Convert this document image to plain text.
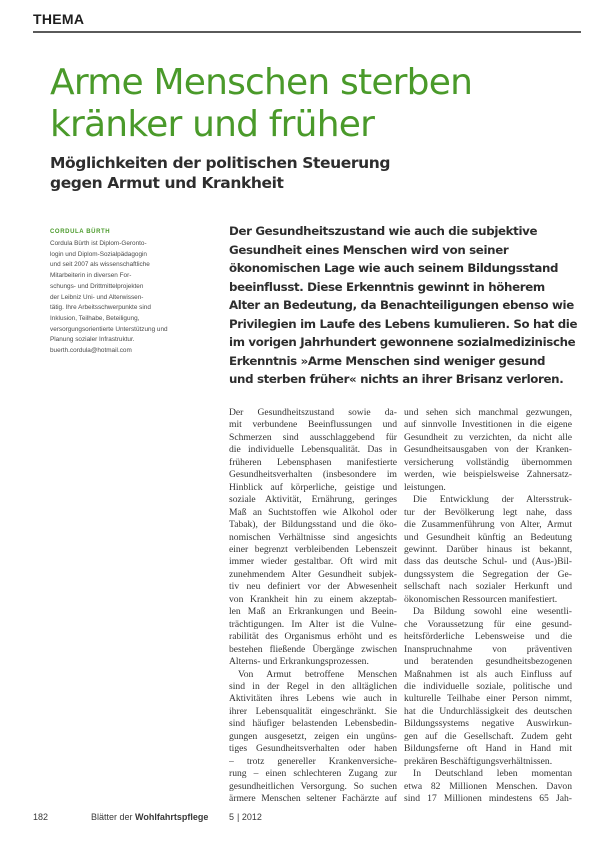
THEMA
Arme Menschen sterben
kränker und früher
Möglichkeiten der politischen Steuerung
gegen Armut und Krankheit
CORDULA BÜRTH
Cordula Bürth ist Diplom-Geronto-
login und Diplom-Sozialpädagogin
und seit 2007 als wissenschaftliche
Mitarbeiterin in diversen For-
schungs- und Drittmittelprojekten
der Leibniz Uni- und Alterwissen-
tätig. Ihre Arbeitsschwerpunkte sind
Inklusion, Teilhabe, Beteiligung,
versorgungsorientierte Unterstützung und
Planung sozialer Infrastruktur.
buerth.cordula@hotmail.com
Der Gesundheitszustand wie auch die subjektive
Gesundheit eines Menschen wird von seiner
ökonomischen Lage wie auch seinem Bildungsstand
beeinflusst. Diese Erkenntnis gewinnt in höherem
Alter an Bedeutung, da Benachteiligungen ebenso wie
Privilegien im Laufe des Lebens kumulieren. So hat die
im vorigen Jahrhundert gewonnene sozialmedizinische
Erkenntnis »Arme Menschen sind weniger gesund
und sterben früher« nichts an ihrer Brisanz verloren.
Der Gesundheitszustand sowie da-
mit verbundene Beeinflussungen und
Schmerzen sind ausschlaggebend für
die individuelle Lebensqualität. Das in
früheren Lebensphasen manifestierte
Gesundheitsverhalten (insbesondere im
Hinblick auf körperliche, geistige und
soziale Aktivität, Ernährung, geringes
Maß an Suchtstoffen wie Alkohol oder
Tabak), der Bildungsstand und die öko-
nomischen Verhältnisse sind angesichts
einer begrenzt verbleibenden Lebenszeit
immer wieder gestaltbar. Oft wird mit
zunehmendem Alter Gesundheit subjek-
tiv neu definiert vor der Abwesenheit
von Krankheit hin zu einem akzeptab-
len Maß an Erkrankungen und Beein-
trächtigungen. Im Alter ist die Vulne-
rabilität des Organismus erhöht und es
bestehen fließende Übergänge zwischen
Alterns- und Erkrankungsprozessen.
Von Armut betroffene Menschen
sind in der Regel in den alltäglichen
Aktivitäten ihres Lebens wie auch in
ihrer Lebensqualität eingeschränkt. Sie
sind häufiger belastenden Lebensbedin-
gungen ausgesetzt, zeigen ein ungüns-
tiges Gesundheitsverhalten oder haben
– trotz genereller Krankenversiche-
rung – einen schlechteren Zugang zur
gesundheitlichen Versorgung. So suchen
ärmere Menschen seltener Fachärzte auf
und sehen sich manchmal gezwungen,
auf sinnvolle Investitionen in die eigene
Gesundheit zu verzichten, da nicht alle
Gesundheitsausgaben von der Kranken-
versicherung vollständig übernommen
werden, wie beispielsweise Zahnersatz-
leistungen.
Die Entwicklung der Altersstruk-
tur der Bevölkerung legt nahe, dass
die Zusammenführung von Alter, Armut
und Gesundheit künftig an Bedeutung
gewinnt. Darüber hinaus ist bekannt,
dass das deutsche Schul- und (Aus-)Bil-
dungssystem die Segregation der Ge-
sellschaft nach sozialer Herkunft und
ökonomischen Ressourcen manifestiert.
Da Bildung sowohl eine wesentli-
che Voraussetzung für eine gesund-
heitsförderliche Lebensweise und die
Inanspruchnahme von präventiven
und beratenden gesundheitsbezogenen
Maßnahmen ist als auch Einfluss auf
die individuelle soziale, politische und
kulturelle Teilhabe einer Person nimmt,
hat die Undurchlässigkeit des deutschen
Bildungssystems negative Auswirkun-
gen auf die Gesellschaft. Zudem geht
Bildungsferne oft Hand in Hand mit
prekären Beschäftigungsverhältnissen.
In Deutschland leben momentan
etwa 82 Millionen Menschen. Davon
sind 17 Millionen mindestens 65 Jah-
182	Blätter der Wohlfahrtspflege 5 | 2012
